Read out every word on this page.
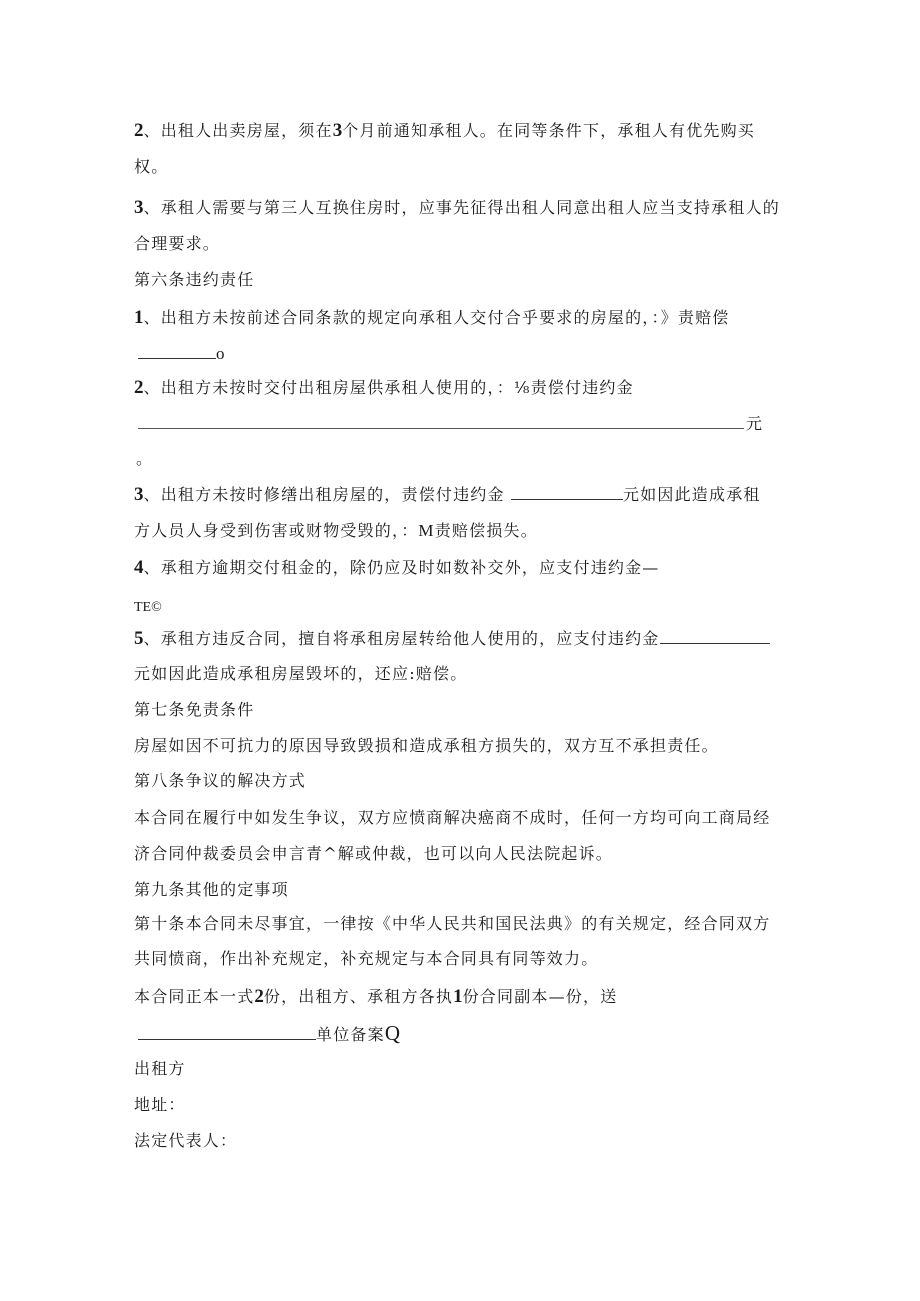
2、出租人出卖房屋，须在3个月前通知承租人。在同等条件下，承租人有优先购买
权。
3、承租人需要与第三人互换住房时，应事先征得出租人同意出租人应当支持承租人的
合理要求。
第六条违约责任
1、出租方未按前述合同条款的规定向承租人交付合乎要求的房屋的，：》责赔偿
o
2、出租方未按时交付出租房屋供承租人使用的，：⅛责偿付违约金
元
。
3、出租方未按时修缮出租房屋的，责偿付违约金	元如因此造成承租
方人员人身受到伤害或财物受毁的，：M责赔偿损失。
4、承租方逾期交付租金的，除仍应及时如数补交外，应支付违约金—
TE©
5、承租方违反合同，擅自将承租房屋转给他人使用的，应支付违约金
元如因此造成承租房屋毁坏的，还应:赔偿。
第七条免责条件
房屋如因不可抗力的原因导致毁损和造成承租方损失的，双方互不承担责任。
第八条争议的解决方式
本合同在履行中如发生争议，双方应愤商解决癌商不成时，任何一方均可向工商局经
济合同仲裁委员会申言青^解或仲裁，也可以向人民法院起诉。
第九条其他的定事项
第十条本合同未尽事宜，一律按《中华人民共和国民法典》的有关规定，经合同双方
共同愤商，作出补充规定，补充规定与本合同具有同等效力。
本合同正本一式2份，出租方、承租方各执1份合同副本—份，送
单位备案Q
出租方
地址：
法定代表人：
